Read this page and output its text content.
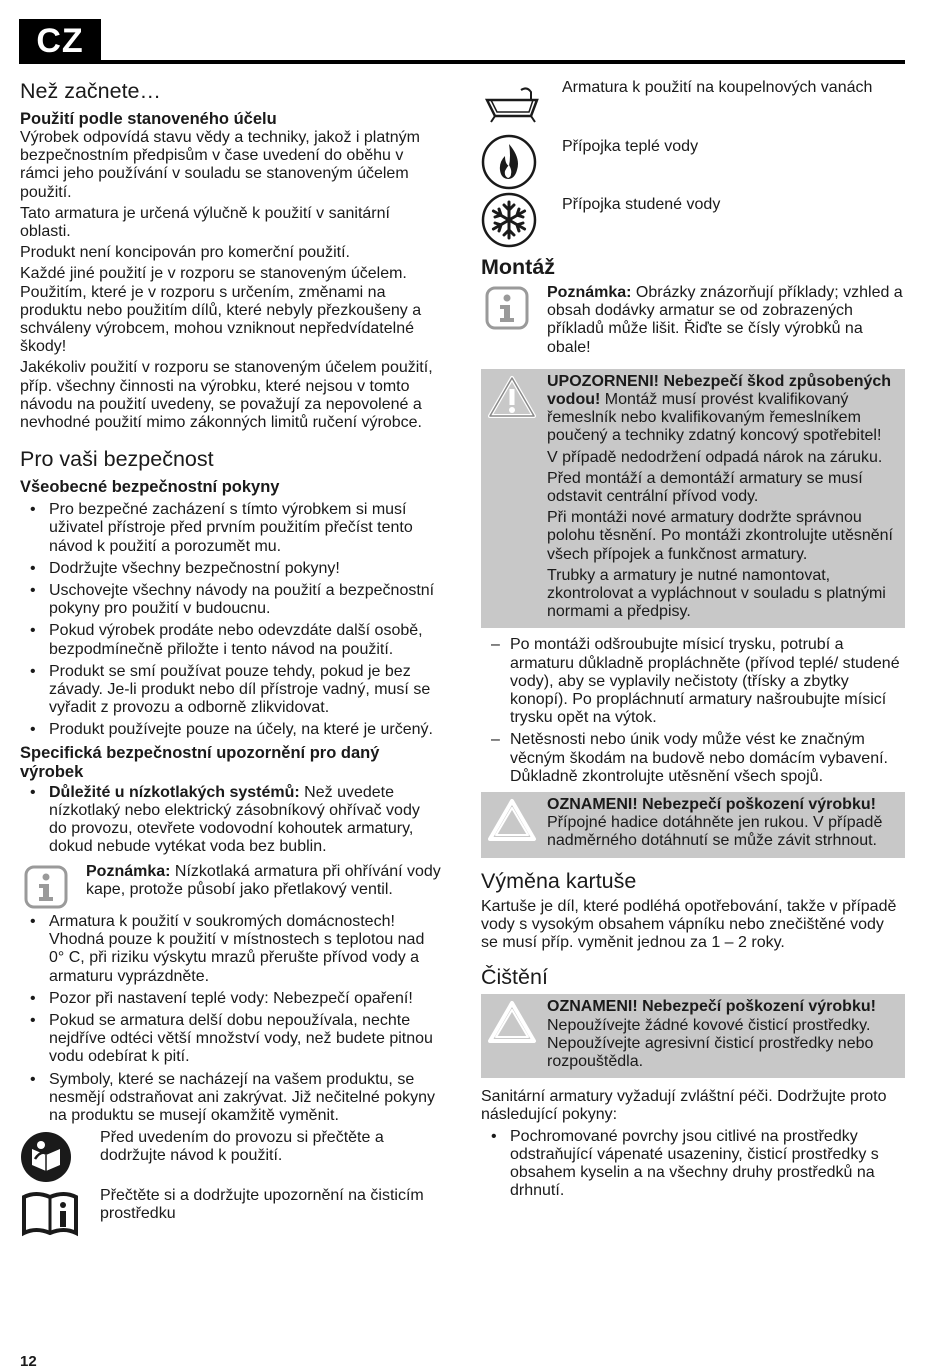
CZ
Než začnete…
Použití podle stanoveného účelu

Výrobek odpovídá stavu vědy a techniky, jakož i platným bezpečnostním předpisům v čase uvedení do oběhu v rámci jeho používání v souladu se stanoveným účelem použití.

Tato armatura je určená výlučně k použití v sanitární oblasti.

Produkt není koncipován pro komerční použití.

Každé jiné použití je v rozporu se stanoveným účelem. Použitím, které je v rozporu s určením, změnami na produktu nebo použitím dílů, které nebyly přezkoušeny a schváleny výrobcem, mohou vzniknout nepředvídatelné škody!

Jakékoliv použití v rozporu se stanoveným účelem použití, příp. všechny činnosti na výrobku, které nejsou v tomto návodu na použití uvedeny, se považují za nepovolené a nevhodné použití mimo zákonných limitů ručení výrobce.

Pro vaši bezpečnost
Všeobecné bezpečnostní pokyny
• Pro bezpečné zacházení s tímto výrobkem si musí uživatel přístroje před prvním použitím přečíst tento návod k použití a porozumět mu.
• Dodržujte všechny bezpečnostní pokyny!
• Uschovejte všechny návody na použití a bezpečnostní pokyny pro použití v budoucnu.
• Pokud výrobek prodáte nebo odevzdáte další osobě, bezpodmínečně přiložte i tento návod na použití.
• Produkt se smí používat pouze tehdy, pokud je bez závady. Je-li produkt nebo díl přístroje vadný, musí se vyřadit z provozu a odborně zlikvidovat.
• Produkt používejte pouze na účely, na které je určený.
Specifická bezpečnostní upozornění pro daný výrobek
• Důležité u nízkotlakých systémů: Než uvedete nízkotlaký nebo elektrický zásobníkový ohřívač vody do provozu, otevřete vodovodní kohoutek armatury, dokud nebude vytékat voda bez bublin.
Poznámka: Nízkotlaká armatura při ohřívání vody kape, protože působí jako přetlakový ventil.
• Armatura k použití v soukromých domácnostech! Vhodná pouze k použití v místnostech s teplotou nad 0° C, při riziku výskytu mrazů přerušte přívod vody a armaturu vyprázdněte.
• Pozor při nastavení teplé vody: Nebezpečí opaření!
• Pokud se armatura delší dobu nepoužívala, nechte nejdříve odtéci větší množství vody, než budete pitnou vodu odebírat k pití.
• Symboly, které se nacházejí na vašem produktu, se nesmějí odstraňovat ani zakrývat. Již nečitelné pokyny na produktu se musejí okamžitě vyměnit.
Před uvedením do provozu si přečtěte a dodržujte návod k použití.
Přečtěte si a dodržujte upozornění na čisticím prostředku
Armatura k použití na koupelnových vanách
Přípojka teplé vody
Přípojka studené vody
Montáž
Poznámka: Obrázky znázorňují příklady; vzhled a obsah dodávky armatur se od zobrazených příkladů může lišit. Řiďte se čísly výrobků na obale!

UPOZORNENI! Nebezpečí škod způsobených vodou! Montáž musí provést kvalifikovaný řemeslník nebo kvalifikovaným řemeslníkem poučený a techniky zdatný koncový spotřebitel!

V případě nedodržení odpadá nárok na záruku.

Před montáží a demontáží armatury se musí odstavit centrální přívod vody.

Při montáži nové armatury dodržte správnou polohu těsnění. Po montáži zkontrolujte utěsnění všech přípojek a funkčnost armatury.

Trubky a armatury je nutné namontovat, zkontrolovat a vypláchnout v souladu s platnými normami a předpisy.

– Po montáži odšroubujte mísicí trysku, potrubí a armaturu důkladně propláchněte (přívod teplé/ studené vody), aby se vyplavily nečistoty (třísky a zbytky konopí). Po propláchnutí armatury našroubujte mísicí trysku opět na výtok.
– Netěsnosti nebo únik vody může vést ke značným věcným škodám na budově nebo domácím vybavení. Důkladně zkontrolujte utěsnění všech spojů.

OZNAMENI! Nebezpečí poškození výrobku! Přípojné hadice dotáhněte jen rukou. V případě nadměrného dotáhnutí se může závit strhnout.

Výměna kartuše

Kartuše je díl, které podléhá opotřebování, takže v případě vody s vysokým obsahem vápníku nebo znečištěné vody se musí příp. vyměnit jednou za 1 – 2 roky.

Čištění

OZNAMENI! Nebezpečí poškození výrobku! Nepoužívejte žádné kovové čisticí prostředky. Nepoužívejte agresivní čisticí prostředky nebo rozpouštědla.

Sanitární armatury vyžadují zvláštní péči. Dodržujte proto následující pokyny:

• Pochromované povrchy jsou citlivé na prostředky odstraňující vápenaté usazeniny, čisticí prostředky s obsahem kyselin a na všechny druhy prostředků na drhnutí.
12
